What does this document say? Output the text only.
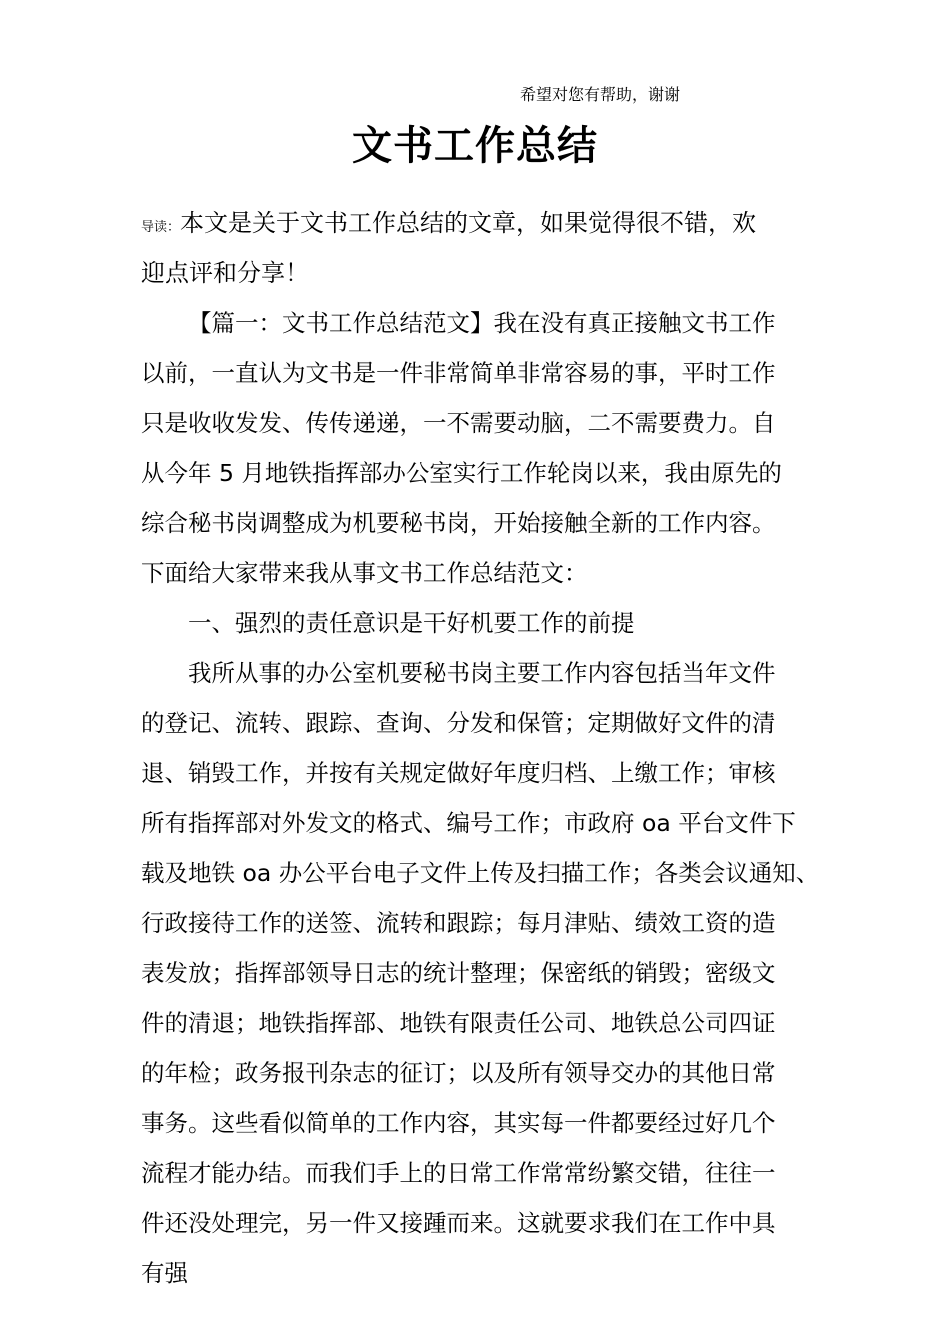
希望对您有帮助，谢谢
文书工作总结
导读：本文是关于文书工作总结的文章，如果觉得很不错，欢
迎点评和分享！
【篇一：文书工作总结范文】我在没有真正接触文书工作
以前，一直认为文书是一件非常简单非常容易的事，平时工作
只是收收发发、传传递递，一不需要动脑，二不需要费力。自
从今年 5 月地铁指挥部办公室实行工作轮岗以来，我由原先的
综合秘书岗调整成为机要秘书岗，开始接触全新的工作内容。
下面给大家带来我从事文书工作总结范文：
一、强烈的责任意识是干好机要工作的前提
我所从事的办公室机要秘书岗主要工作内容包括当年文件
的登记、流转、跟踪、查询、分发和保管；定期做好文件的清
退、销毁工作，并按有关规定做好年度归档、上缴工作；审核
所有指挥部对外发文的格式、编号工作；市政府 oa 平台文件下
载及地铁 oa 办公平台电子文件上传及扫描工作；各类会议通知、
行政接待工作的送签、流转和跟踪；每月津贴、绩效工资的造
表发放；指挥部领导日志的统计整理；保密纸的销毁；密级文
件的清退；地铁指挥部、地铁有限责任公司、地铁总公司四证
的年检；政务报刊杂志的征订；以及所有领导交办的其他日常
事务。这些看似简单的工作内容，其实每一件都要经过好几个
流程才能办结。而我们手上的日常工作常常纷繁交错，往往一
件还没处理完，另一件又接踵而来。这就要求我们在工作中具
有强
